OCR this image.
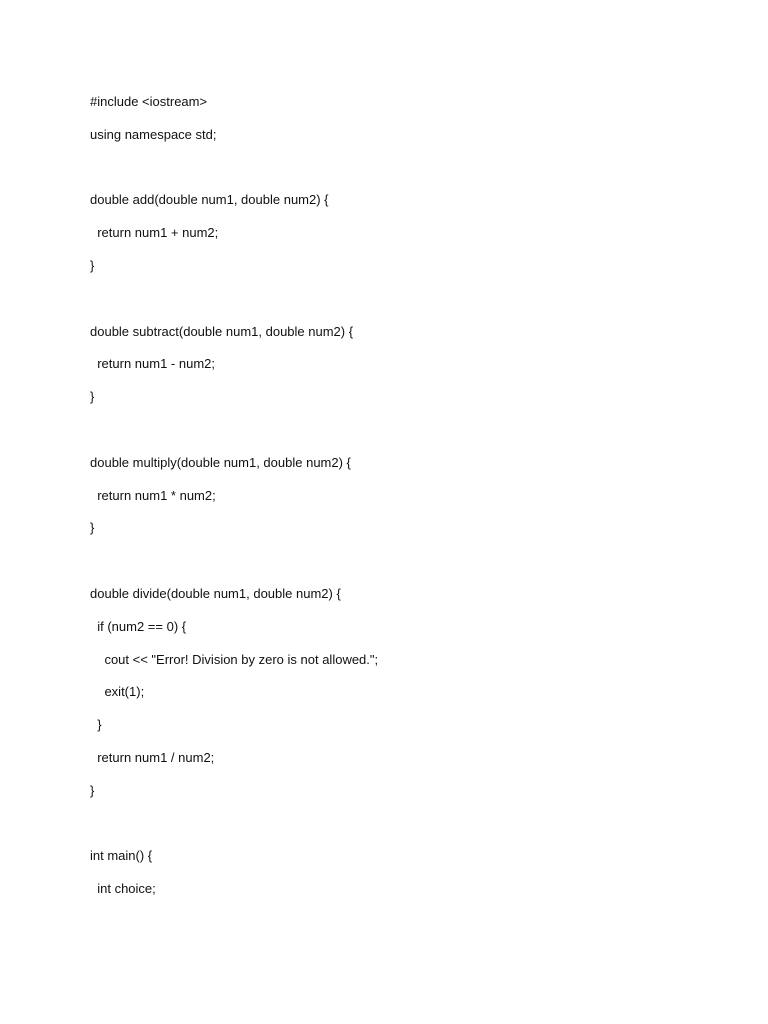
#include <iostream>
using namespace std;
double add(double num1, double num2) {
return num1 + num2;
}
double subtract(double num1, double num2) {
return num1 - num2;
}
double multiply(double num1, double num2) {
return num1 * num2;
}
double divide(double num1, double num2) {
if (num2 == 0) {
cout << "Error! Division by zero is not allowed.";
exit(1);
}
return num1 / num2;
}
int main() {
int choice;
